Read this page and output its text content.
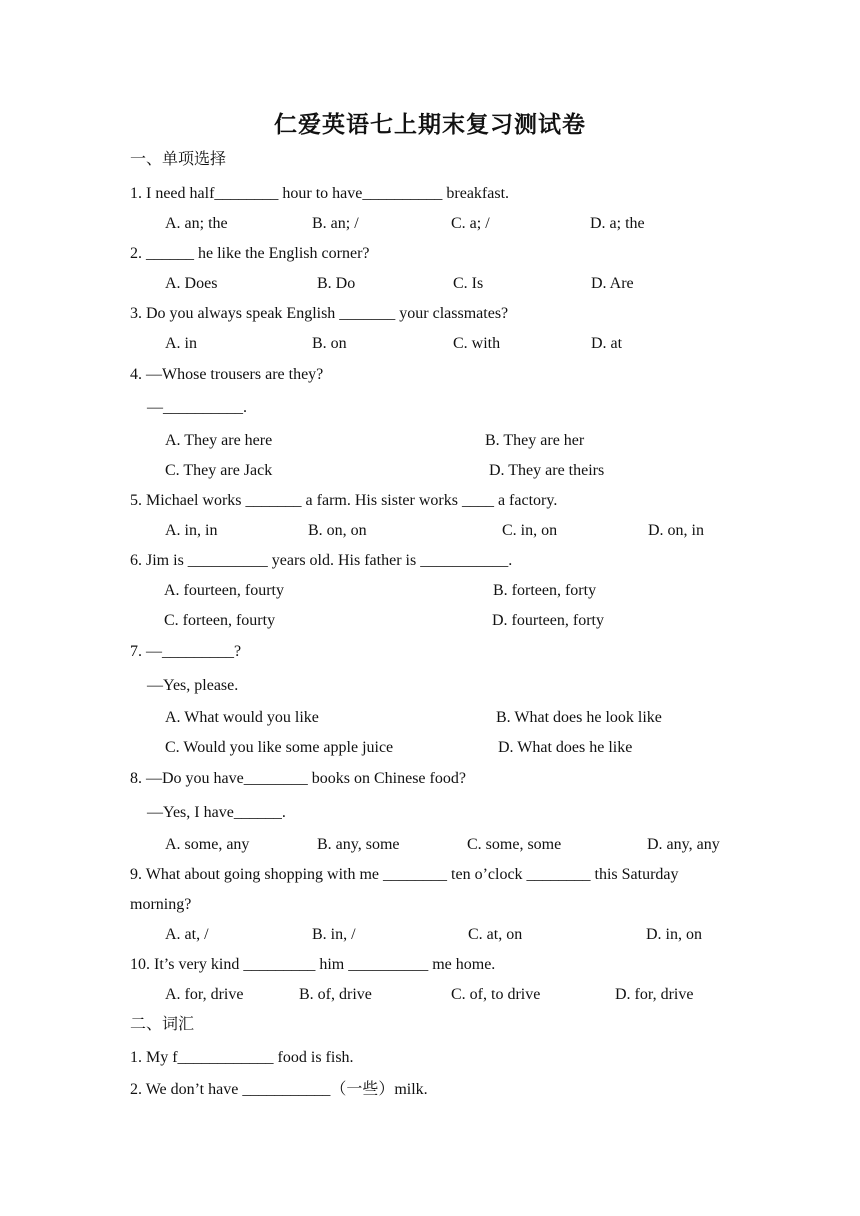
仁爱英语七上期末复习测试卷
一、单项选择
1. I need half________ hour to have__________ breakfast.
A. an; the	B. an; /	C. a; /	D. a; the
2. ______ he like the English corner?
A. Does	B. Do	C. Is	D. Are
3. Do you always speak English _______ your classmates?
A. in	B. on	C. with	D. at
4. —Whose trousers are they?
—__________.
A. They are here	B. They are her
C. They are Jack	D. They are theirs
5. Michael works _______ a farm. His sister works ____ a factory.
A. in, in	B. on, on	C. in, on	D. on, in
6. Jim is __________ years old. His father is ___________.
A. fourteen, fourty	B. forteen, forty
C. forteen, fourty	D. fourteen, forty
7. —_________?
—Yes, please.
A. What would you like	B. What does he look like
C. Would you like some apple juice	D. What does he like
8. —Do you have________ books on Chinese food?
—Yes, I have______.
A. some, any	B. any, some	C. some, some	D. any, any
9. What about going shopping with me ________ ten o’clock ________ this Saturday
morning?
A. at, /	B. in, /	C. at, on	D. in, on
10. It’s very kind _________ him __________ me home.
A. for, drive	B. of, drive	C. of, to drive	D. for, drive
二、词汇
1. My f____________ food is fish.
2. We don’t have ___________（一些）milk.
